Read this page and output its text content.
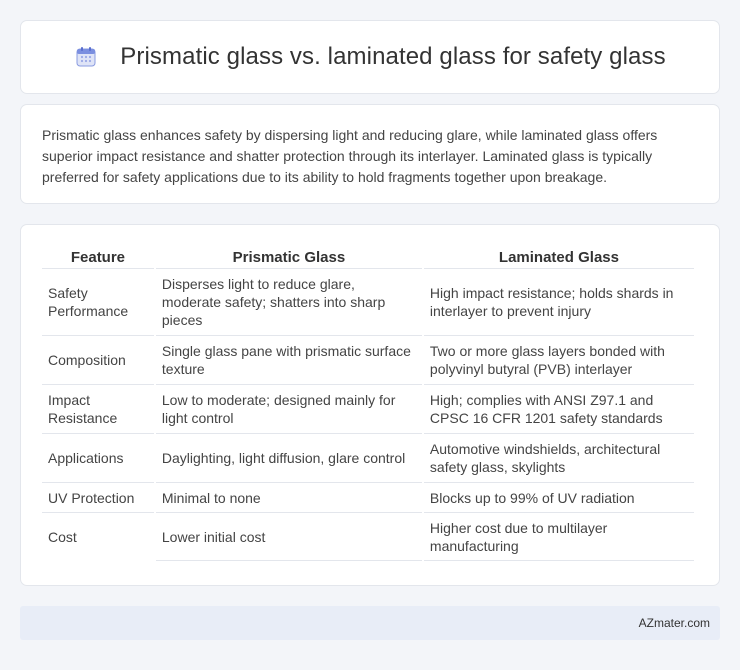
Prismatic glass vs. laminated glass for safety glass

Prismatic glass enhances safety by dispersing light and reducing glare, while laminated glass offers superior impact resistance and shatter protection through its interlayer. Laminated glass is typically preferred for safety applications due to its ability to hold fragments together upon breakage.

Feature	Prismatic Glass	Laminated Glass
Safety Performance	Disperses light to reduce glare, moderate safety; shatters into sharp pieces	High impact resistance; holds shards in interlayer to prevent injury
Composition	Single glass pane with prismatic surface texture	Two or more glass layers bonded with polyvinyl butyral (PVB) interlayer
Impact Resistance	Low to moderate; designed mainly for light control	High; complies with ANSI Z97.1 and CPSC 16 CFR 1201 safety standards
Applications	Daylighting, light diffusion, glare control	Automotive windshields, architectural safety glass, skylights
UV Protection	Minimal to none	Blocks up to 99% of UV radiation
Cost	Lower initial cost	Higher cost due to multilayer manufacturing
AZmater.com
